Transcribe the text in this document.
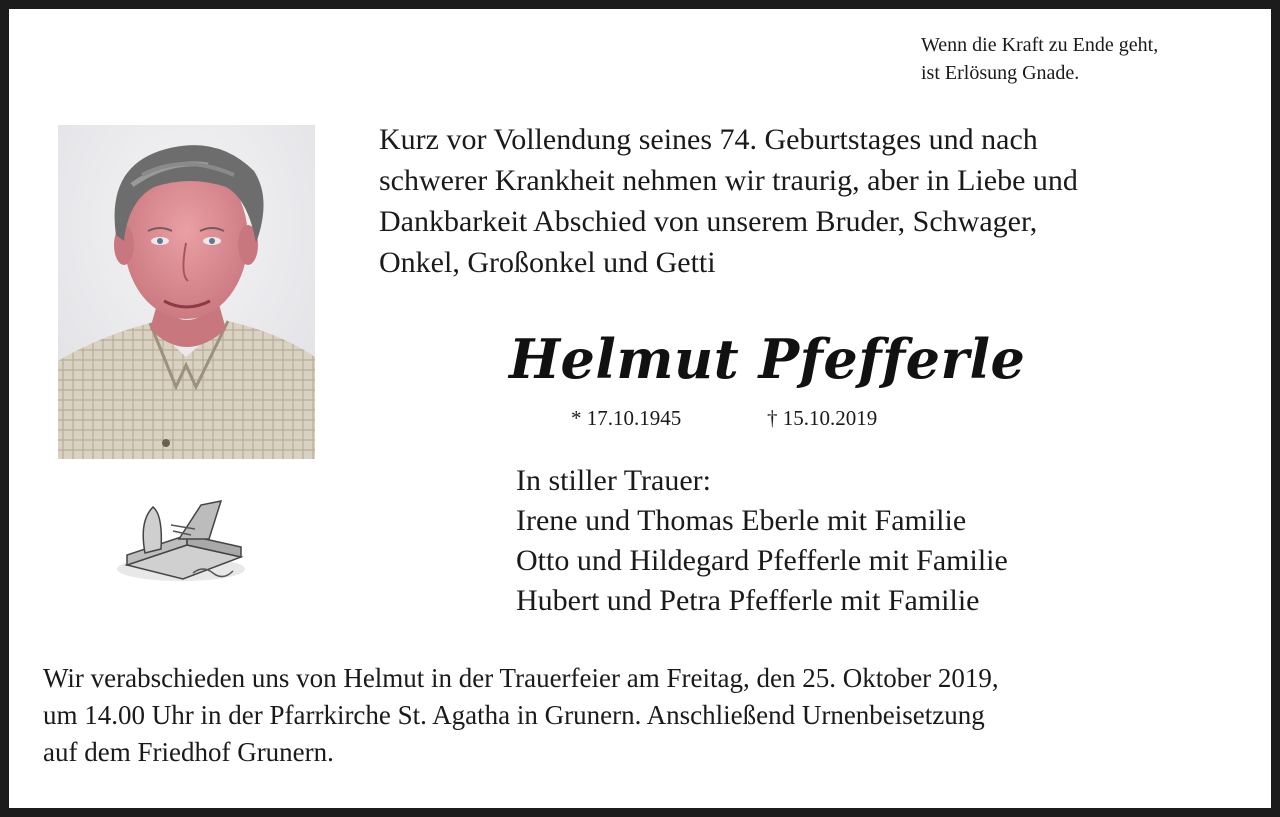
Wenn die Kraft zu Ende geht,
ist Erlösung Gnade.
Kurz vor Vollendung seines 74. Geburtstages und nach
schwerer Krankheit nehmen wir traurig, aber in Liebe und
Dankbarkeit Abschied von unserem Bruder, Schwager,
Onkel, Großonkel und Getti
Helmut Pfefferle
* 17.10.1945	† 15.10.2019
In stiller Trauer:
Irene und Thomas Eberle mit Familie
Otto und Hildegard Pfefferle mit Familie
Hubert und Petra Pfefferle mit Familie
Wir verabschieden uns von Helmut in der Trauerfeier am Freitag, den 25. Oktober 2019,
um 14.00 Uhr in der Pfarrkirche St. Agatha in Grunern. Anschließend Urnenbeisetzung
auf dem Friedhof Grunern.
